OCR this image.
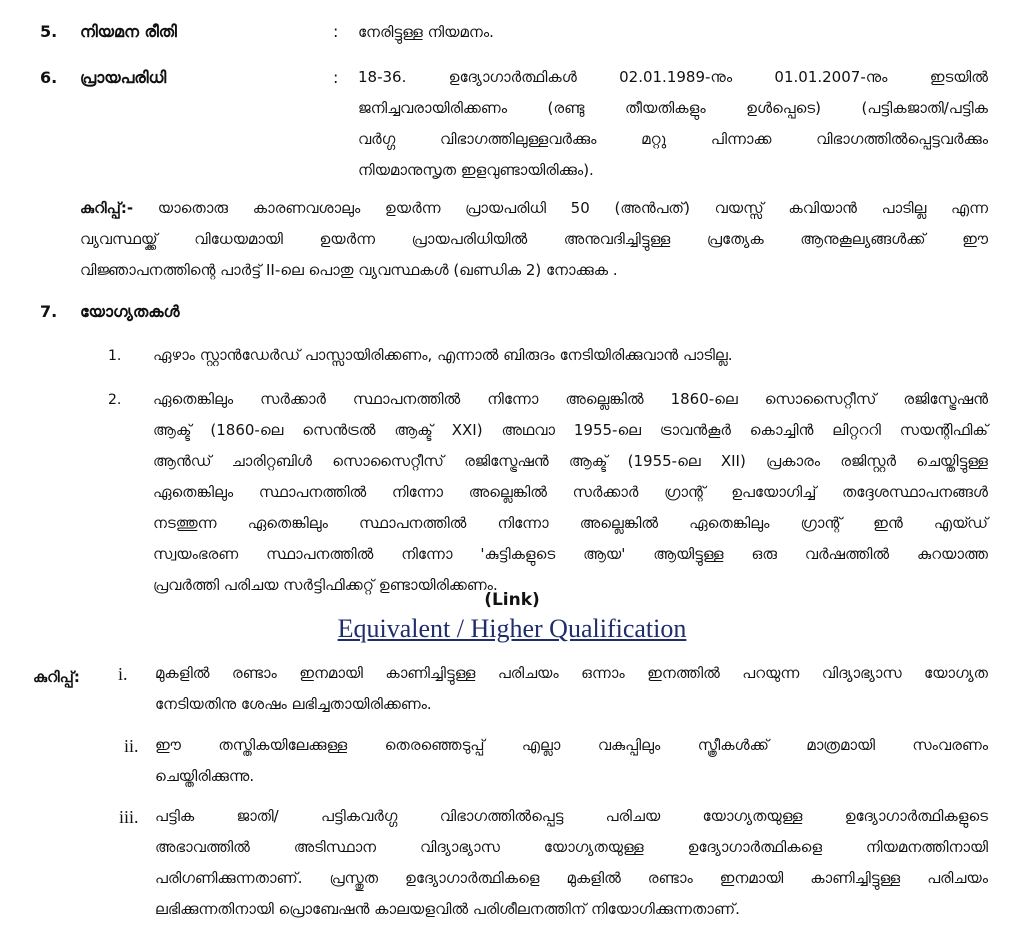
5. നിയമന രീതി	: നേരിട്ടുള്ള നിയമനം.
6. പ്രായപരിധി	: 18-36. ഉദ്യോഗാർത്ഥികൾ 02.01.1989-നും 01.01.2007-നും ഇടയിൽ
ജനിച്ചവരായിരിക്കണം (രണ്ടു തീയതികളും ഉൾപ്പെടെ) (പട്ടികജാതി/പട്ടിക
വർഗ്ഗ വിഭാഗത്തിലുള്ളവർക്കും മറ്റു പിന്നാക്ക വിഭാഗത്തിൽപ്പെട്ടവർക്കും
നിയമാനുസൃത ഇളവുണ്ടായിരിക്കും).
കുറിപ്പ്:- യാതൊരു കാരണവശാലും ഉയർന്ന പ്രായപരിധി 50 (അൻപത്) വയസ്സ് കവിയാൻ പാടില്ല എന്ന
വ്യവസ്ഥയ്ക്ക് വിധേയമായി ഉയർന്ന പ്രായപരിധിയിൽ അനുവദിച്ചിട്ടുള്ള പ്രത്യേക ആനുകൂല്യങ്ങൾക്ക് ഈ
വിജ്ഞാപനത്തിന്റെ പാർട്ട് II-ലെ പൊതു വ്യവസ്ഥകൾ (ഖണ്ഡിക 2) നോക്കുക .
7. യോഗ്യതകൾ
1. ഏഴാം സ്റ്റാൻഡേർഡ് പാസ്സായിരിക്കണം, എന്നാൽ ബിരുദം നേടിയിരിക്കുവാൻ പാടില്ല.
2. ഏതെങ്കിലും സർക്കാർ സ്ഥാപനത്തിൽ നിന്നോ അല്ലെങ്കിൽ 1860-ലെ സൊസൈറ്റീസ് രജിസ്ട്രേഷൻ
ആക്ട് (1860-ലെ സെൻട്രൽ ആക്ട് XXI) അഥവാ 1955-ലെ ട്രാവൻകൂർ കൊച്ചിൻ ലിറ്റററി സയന്റിഫിക്
ആൻഡ് ചാരിറ്റബിൾ സൊസൈറ്റീസ് രജിസ്ട്രേഷൻ ആക്ട് (1955-ലെ XII) പ്രകാരം രജിസ്റ്റർ ചെയ്തിട്ടുള്ള
ഏതെങ്കിലും സ്ഥാപനത്തിൽ നിന്നോ അല്ലെങ്കിൽ സർക്കാർ ഗ്രാന്റ് ഉപയോഗിച്ച് തദ്ദേശസ്ഥാപനങ്ങൾ
നടത്തുന്ന ഏതെങ്കിലും സ്ഥാപനത്തിൽ നിന്നോ അല്ലെങ്കിൽ ഏതെങ്കിലും ഗ്രാന്റ് ഇൻ എയ്ഡ്
സ്വയംഭരണ സ്ഥാപനത്തിൽ നിന്നോ 'കുട്ടികളുടെ ആയ' ആയിട്ടുള്ള ഒരു വർഷത്തിൽ കുറയാത്ത
പ്രവർത്തി പരിചയ സർട്ടിഫിക്കറ്റ് ഉണ്ടായിരിക്കണം.
(Link)
Equivalent / Higher Qualification
കുറിപ്പ്: i. മുകളിൽ രണ്ടാം ഇനമായി കാണിച്ചിട്ടുള്ള പരിചയം ഒന്നാം ഇനത്തിൽ പറയുന്ന വിദ്യാഭ്യാസ യോഗ്യത
നേടിയതിനു ശേഷം ലഭിച്ചതായിരിക്കണം.
ii. ഈ തസ്തികയിലേക്കുള്ള തെരഞ്ഞെടുപ്പ് എല്ലാ വകുപ്പിലും സ്ത്രീകൾക്ക് മാത്രമായി സംവരണം
ചെയ്തിരിക്കുന്നു.
iii. പട്ടിക ജാതി/ പട്ടികവർഗ്ഗ വിഭാഗത്തിൽപ്പെട്ട പരിചയ യോഗ്യതയുള്ള ഉദ്യോഗാർത്ഥികളുടെ
അഭാവത്തിൽ അടിസ്ഥാന വിദ്യാഭ്യാസ യോഗ്യതയുള്ള ഉദ്യോഗാർത്ഥികളെ നിയമനത്തിനായി
പരിഗണിക്കുന്നതാണ്. പ്രസ്തുത ഉദ്യോഗാർത്ഥികളെ മുകളിൽ രണ്ടാം ഇനമായി കാണിച്ചിട്ടുള്ള പരിചയം
ലഭിക്കുന്നതിനായി പ്രൊബേഷൻ കാലയളവിൽ പരിശീലനത്തിന് നിയോഗിക്കുന്നതാണ്.
